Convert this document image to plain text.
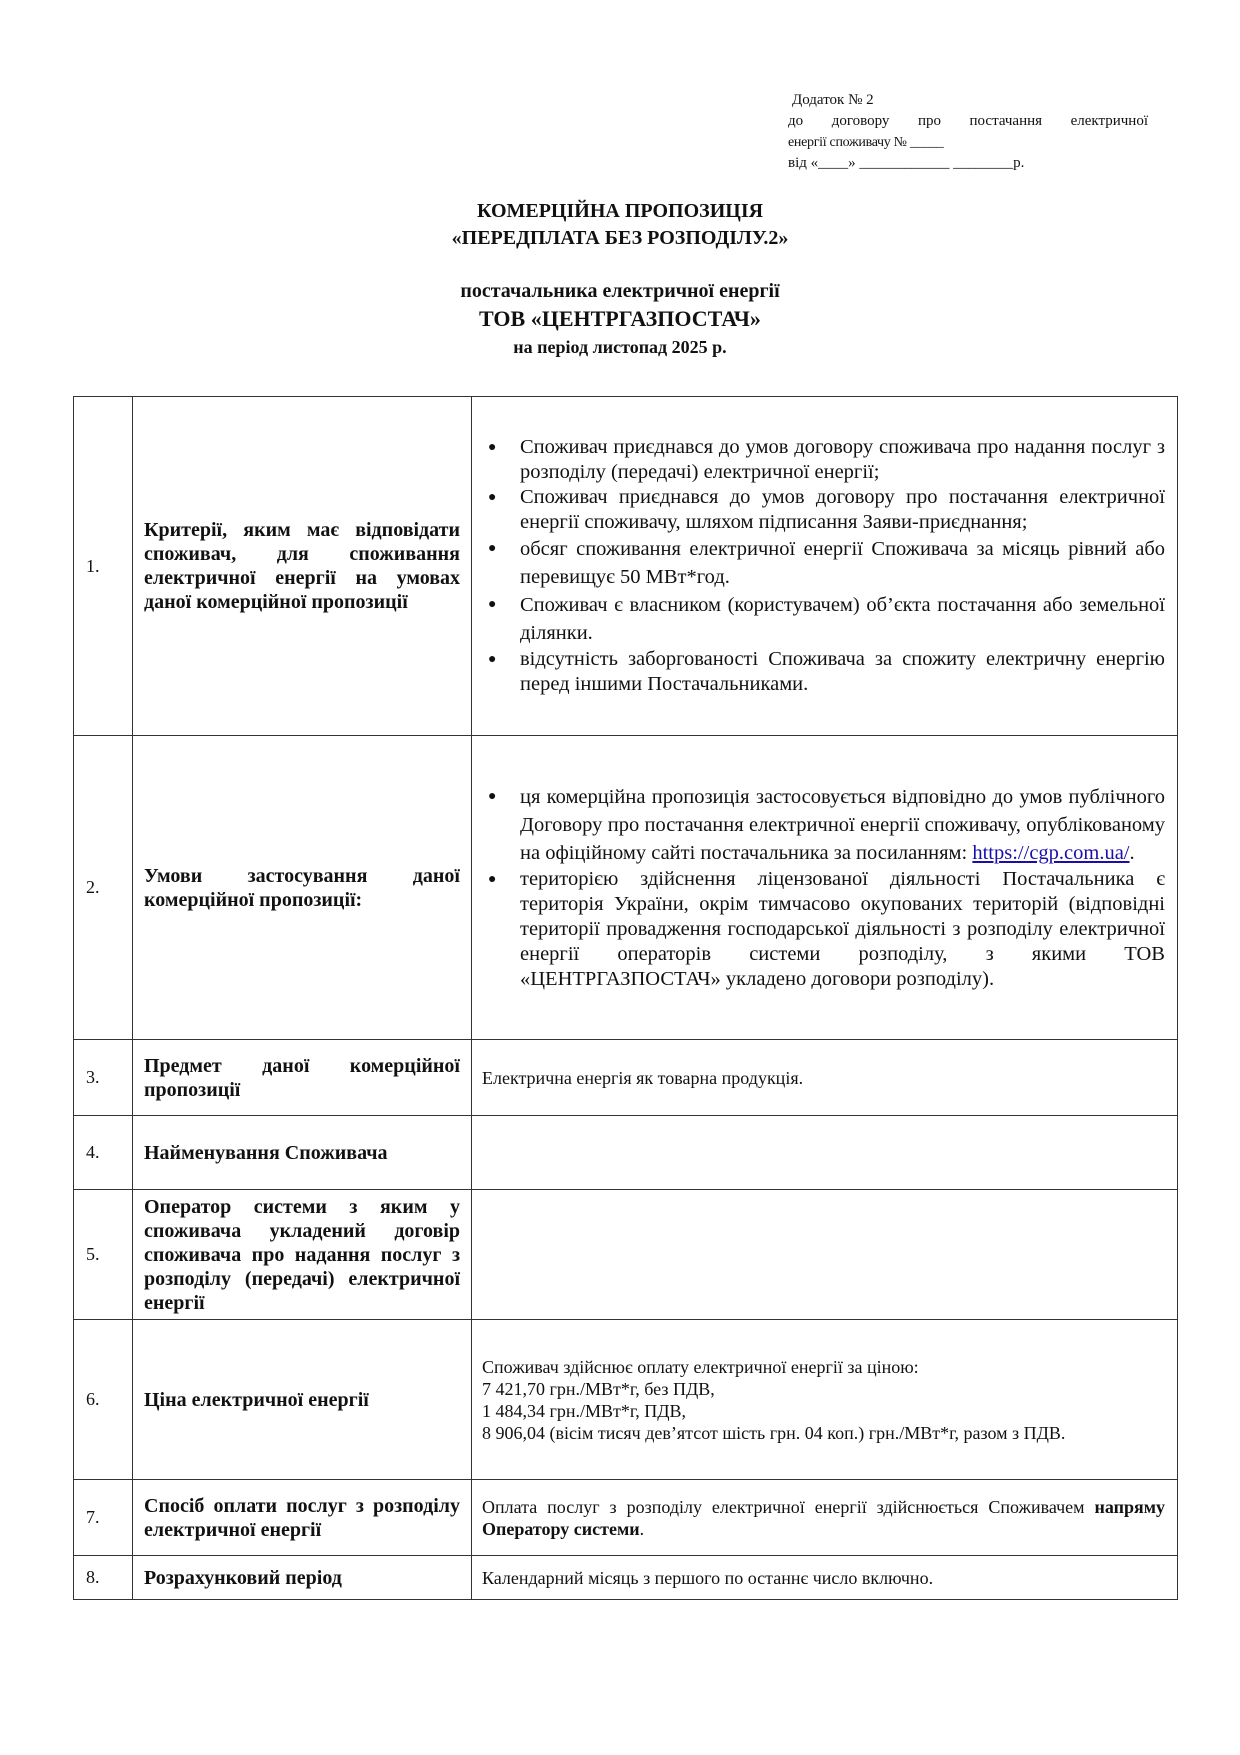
Додаток № 2
до договору про постачання електричної
енергії споживачу № _____
від «____» ____________ ________р.
КОМЕРЦІЙНА ПРОПОЗИЦІЯ
«ПЕРЕДПЛАТА БЕЗ РОЗПОДІЛУ.2»
постачальника електричної енергії
ТОВ «ЦЕНТРГАЗПОСТАЧ»
на період листопад 2025 р.
1.	Критерії, яким має відповідати споживач, для споживання електричної енергії на умовах даної комерційної пропозиції	
● Споживач приєднався до умов договору споживача про надання послуг з розподілу (передачі) електричної енергії;
● Споживач приєднався до умов договору про постачання електричної енергії споживачу, шляхом підписання Заяви-приєднання;
● обсяг споживання електричної енергії Споживача за місяць рівний або перевищує 50 МВт*год.
● Споживач є власником (користувачем) об’єкта постачання або земельної ділянки.
● відсутність заборгованості Споживача за спожиту електричну енергію перед іншими Постачальниками.

2.	Умови застосування даної комерційної пропозиції:	
● ця комерційна пропозиція застосовується відповідно до умов публічного Договору про постачання електричної енергії споживачу, опублікованому на офіційному сайті постачальника за посиланням: https://cgp.com.ua/.
● територією здійснення ліцензованої діяльності Постачальника є територія України, окрім тимчасово окупованих територій (відповідні території провадження господарської діяльності з розподілу електричної енергії операторів системи розподілу, з якими ТОВ «ЦЕНТРГАЗПОСТАЧ» укладено договори розподілу).

3.	Предмет даної комерційної пропозиції	Електрична енергія як товарна продукція.
4.	Найменування Споживача	
5.	Оператор системи з яким у споживача укладений договір споживача про надання послуг з розподілу (передачі) електричної енергії	
6.	Ціна електричної енергії	Споживач здійснює оплату електричної енергії за ціною:
7 421,70 грн./МВт*г, без ПДВ,
1 484,34 грн./МВт*г, ПДВ,
8 906,04 (вісім тисяч дев’ятсот шість грн. 04 коп.) грн./МВт*г, разом з ПДВ.

7.	Спосіб оплати послуг з розподілу електричної енергії	Оплата послуг з розподілу електричної енергії здійснюється Споживачем напряму Оператору системи.
8.	Розрахунковий період	Календарний місяць з першого по останнє число включно.
